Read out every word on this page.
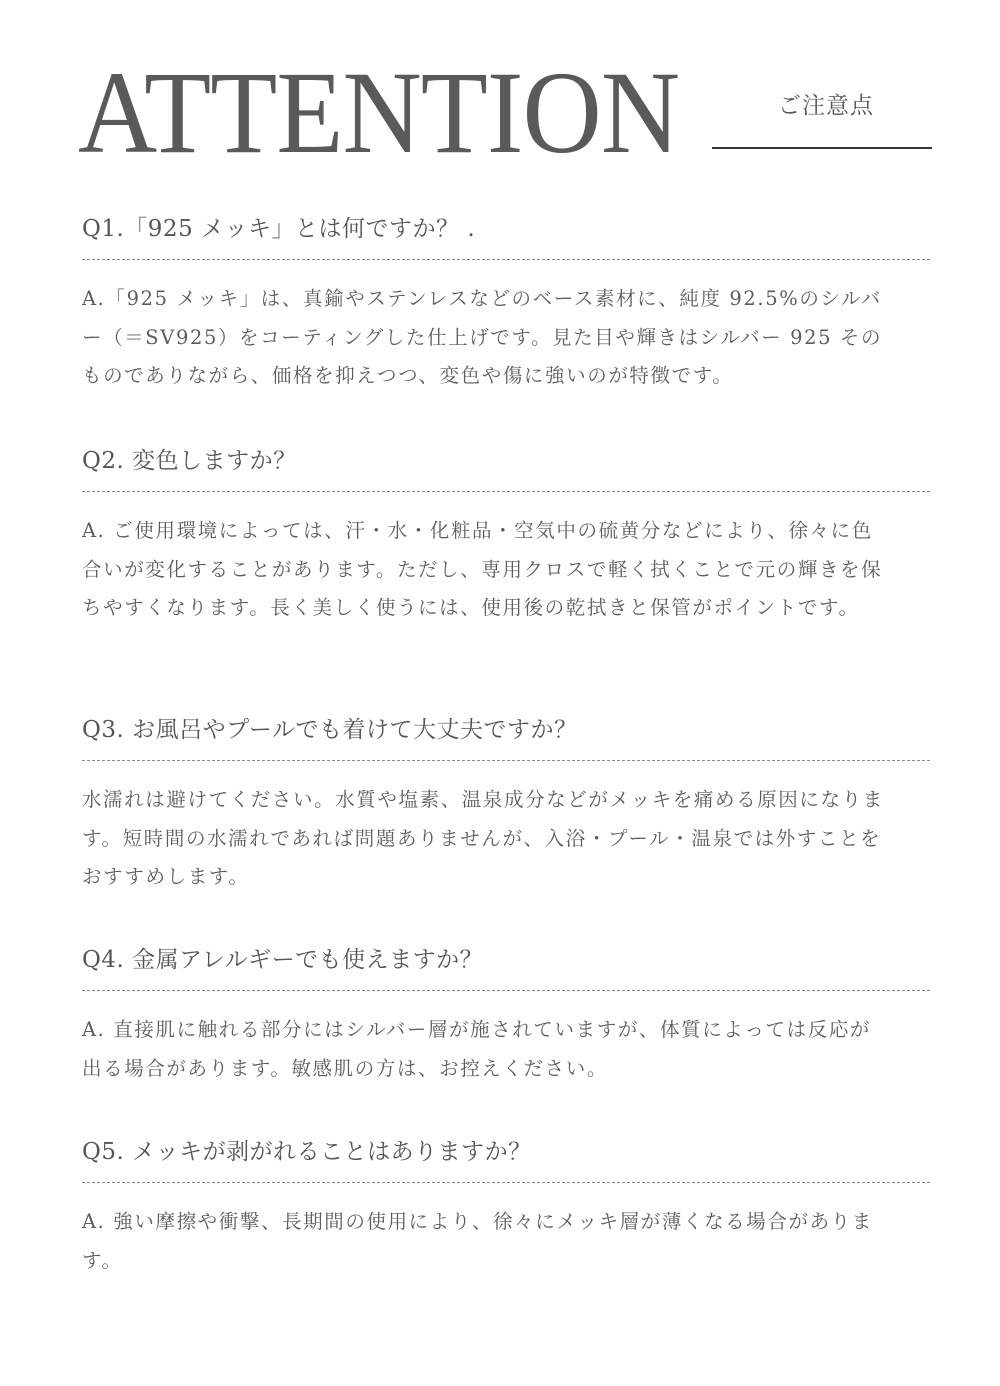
ATTENTION	ご注意点
Q1.「925 メッキ」とは何ですか？ .
A.「925 メッキ」は、真鍮やステンレスなどのベース素材に、純度 92.5%のシルバー（＝SV925）をコーティングした仕上げです。見た目や輝きはシルバー 925 そのものでありながら、価格を抑えつつ、変色や傷に強いのが特徴です。
Q2. 変色しますか？
A. ご使用環境によっては、汗・水・化粧品・空気中の硫黄分などにより、徐々に色合いが変化することがあります。ただし、専用クロスで軽く拭くことで元の輝きを保ちやすくなります。長く美しく使うには、使用後の乾拭きと保管がポイントです。
Q3. お風呂やプールでも着けて大丈夫ですか？
水濡れは避けてください。水質や塩素、温泉成分などがメッキを痛める原因になります。短時間の水濡れであれば問題ありませんが、入浴・プール・温泉では外すことをおすすめします。
Q4. 金属アレルギーでも使えますか？
A. 直接肌に触れる部分にはシルバー層が施されていますが、体質によっては反応が出る場合があります。敏感肌の方は、お控えください。
Q5. メッキが剥がれることはありますか？
A. 強い摩擦や衝撃、長期間の使用により、徐々にメッキ層が薄くなる場合があります。
